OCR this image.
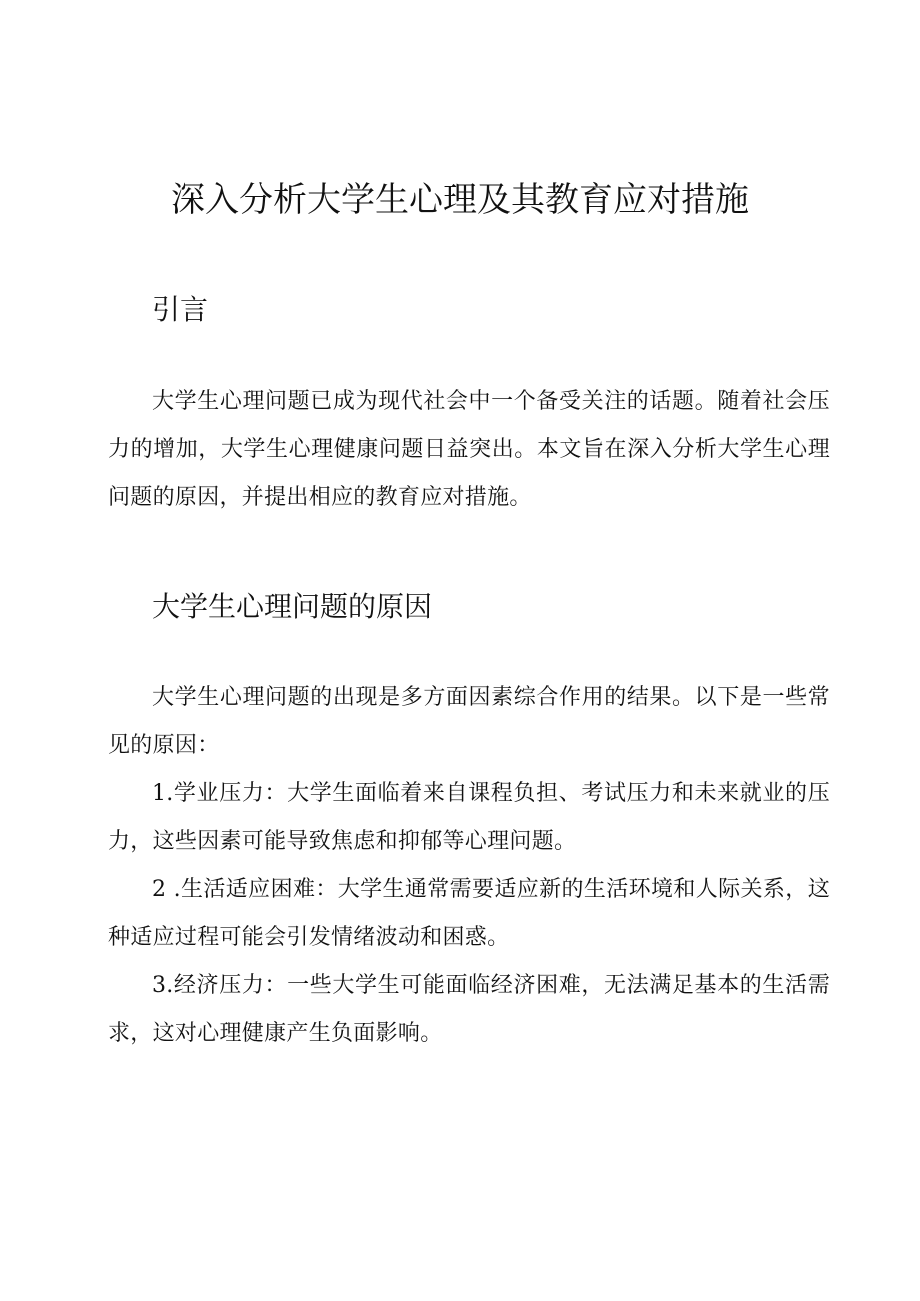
深入分析大学生心理及其教育应对措施
引言

大学生心理问题已成为现代社会中一个备受关注的话题。随着社会压力的增加，大学生心理健康问题日益突出。本文旨在深入分析大学生心理问题的原因，并提出相应的教育应对措施。

大学生心理问题的原因

大学生心理问题的出现是多方面因素综合作用的结果。以下是一些常见的原因：

1.学业压力：大学生面临着来自课程负担、考试压力和未来就业的压力，这些因素可能导致焦虑和抑郁等心理问题。

2 .生活适应困难：大学生通常需要适应新的生活环境和人际关系，这种适应过程可能会引发情绪波动和困惑。

3.经济压力：一些大学生可能面临经济困难，无法满足基本的生活需求，这对心理健康产生负面影响。
